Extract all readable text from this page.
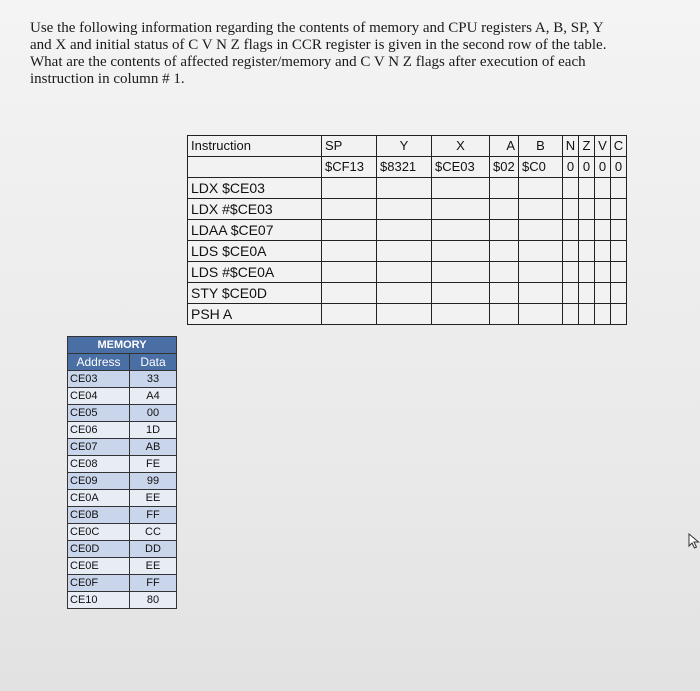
Use the following information regarding the contents of memory and CPU registers A, B, SP, Y

and X and initial status of C V N Z flags in CCR register is given in the second row of the table.

What are the contents of affected register/memory and C V N Z flags after execution of each

instruction in column # 1.

Instruction	SP	Y	X	A	B	N	Z	V	C
	$CF13	$8321	$CE03	$02	$C0	0	0	0	0
LDX $CE03									
LDX #$CE03									
LDAA $CE07									
LDS $CE0A									
LDS #$CE0A									
STY $CE0D									
PSH A									
MEMORY	
Address	Data
CE03	33
CE04	A4
CE05	00
CE06	1D
CE07	AB
CE08	FE
CE09	99
CE0A	EE
CE0B	FF
CE0C	CC
CE0D	DD
CE0E	EE
CE0F	FF
CE10	80
